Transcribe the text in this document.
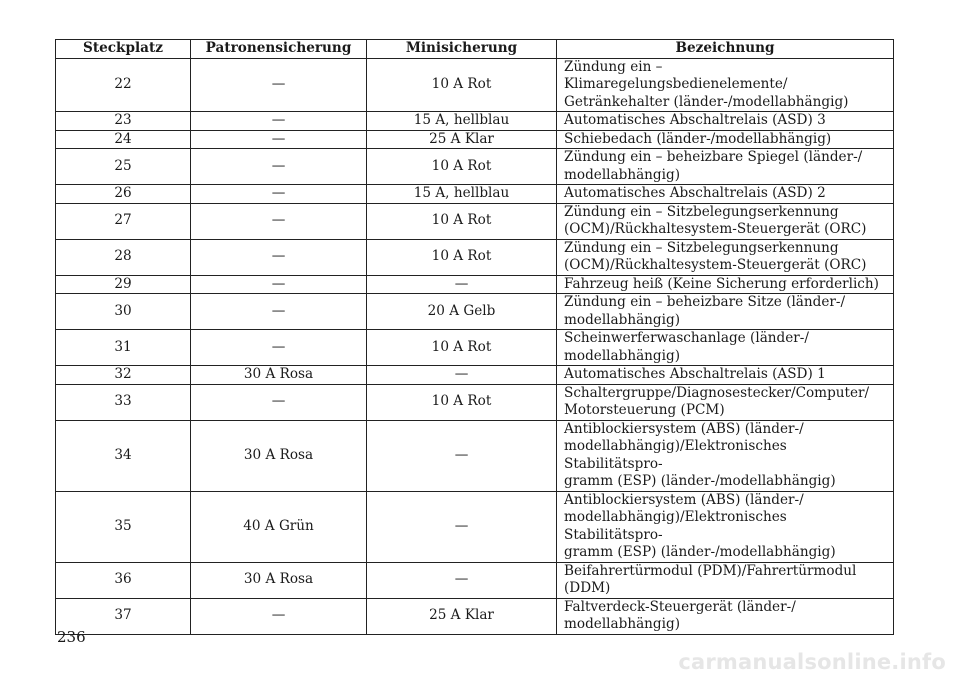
Steckplatz	Patronensicherung	Minisicherung	Bezeichnung
22	—	10 A Rot	Zündung ein – Klimaregelungsbedienelemente/
Getränkehalter (länder-/modellabhängig)
23	—	15 A, hellblau	Automatisches Abschaltrelais (ASD) 3
24	—	25 A Klar	Schiebedach (länder-/modellabhängig)
25	—	10 A Rot	Zündung ein – beheizbare Spiegel (länder-/
modellabhängig)
26	—	15 A, hellblau	Automatisches Abschaltrelais (ASD) 2
27	—	10 A Rot	Zündung ein – Sitzbelegungserkennung
(OCM)/Rückhaltesystem-Steuergerät (ORC)
28	—	10 A Rot	Zündung ein – Sitzbelegungserkennung
(OCM)/Rückhaltesystem-Steuergerät (ORC)
29	—	—	Fahrzeug heiß (Keine Sicherung erforderlich)
30	—	20 A Gelb	Zündung ein – beheizbare Sitze (länder-/
modellabhängig)
31	—	10 A Rot	Scheinwerferwaschanlage (länder-/
modellabhängig)
32	30 A Rosa	—	Automatisches Abschaltrelais (ASD) 1
33	—	10 A Rot	Schaltergruppe/Diagnosestecker/Computer/
Motorsteuerung (PCM)
34	30 A Rosa	—	Antiblockiersystem (ABS) (länder-/
modellabhängig)/Elektronisches Stabilitätspro-
gramm (ESP) (länder-/modellabhängig)
35	40 A Grün	—	Antiblockiersystem (ABS) (länder-/
modellabhängig)/Elektronisches Stabilitätspro-
gramm (ESP) (länder-/modellabhängig)
36	30 A Rosa	—	Beifahrertürmodul (PDM)/Fahrertürmodul
(DDM)
37	—	25 A Klar	Faltverdeck-Steuergerät (länder-/
modellabhängig)
236
carmanualsonline.info
